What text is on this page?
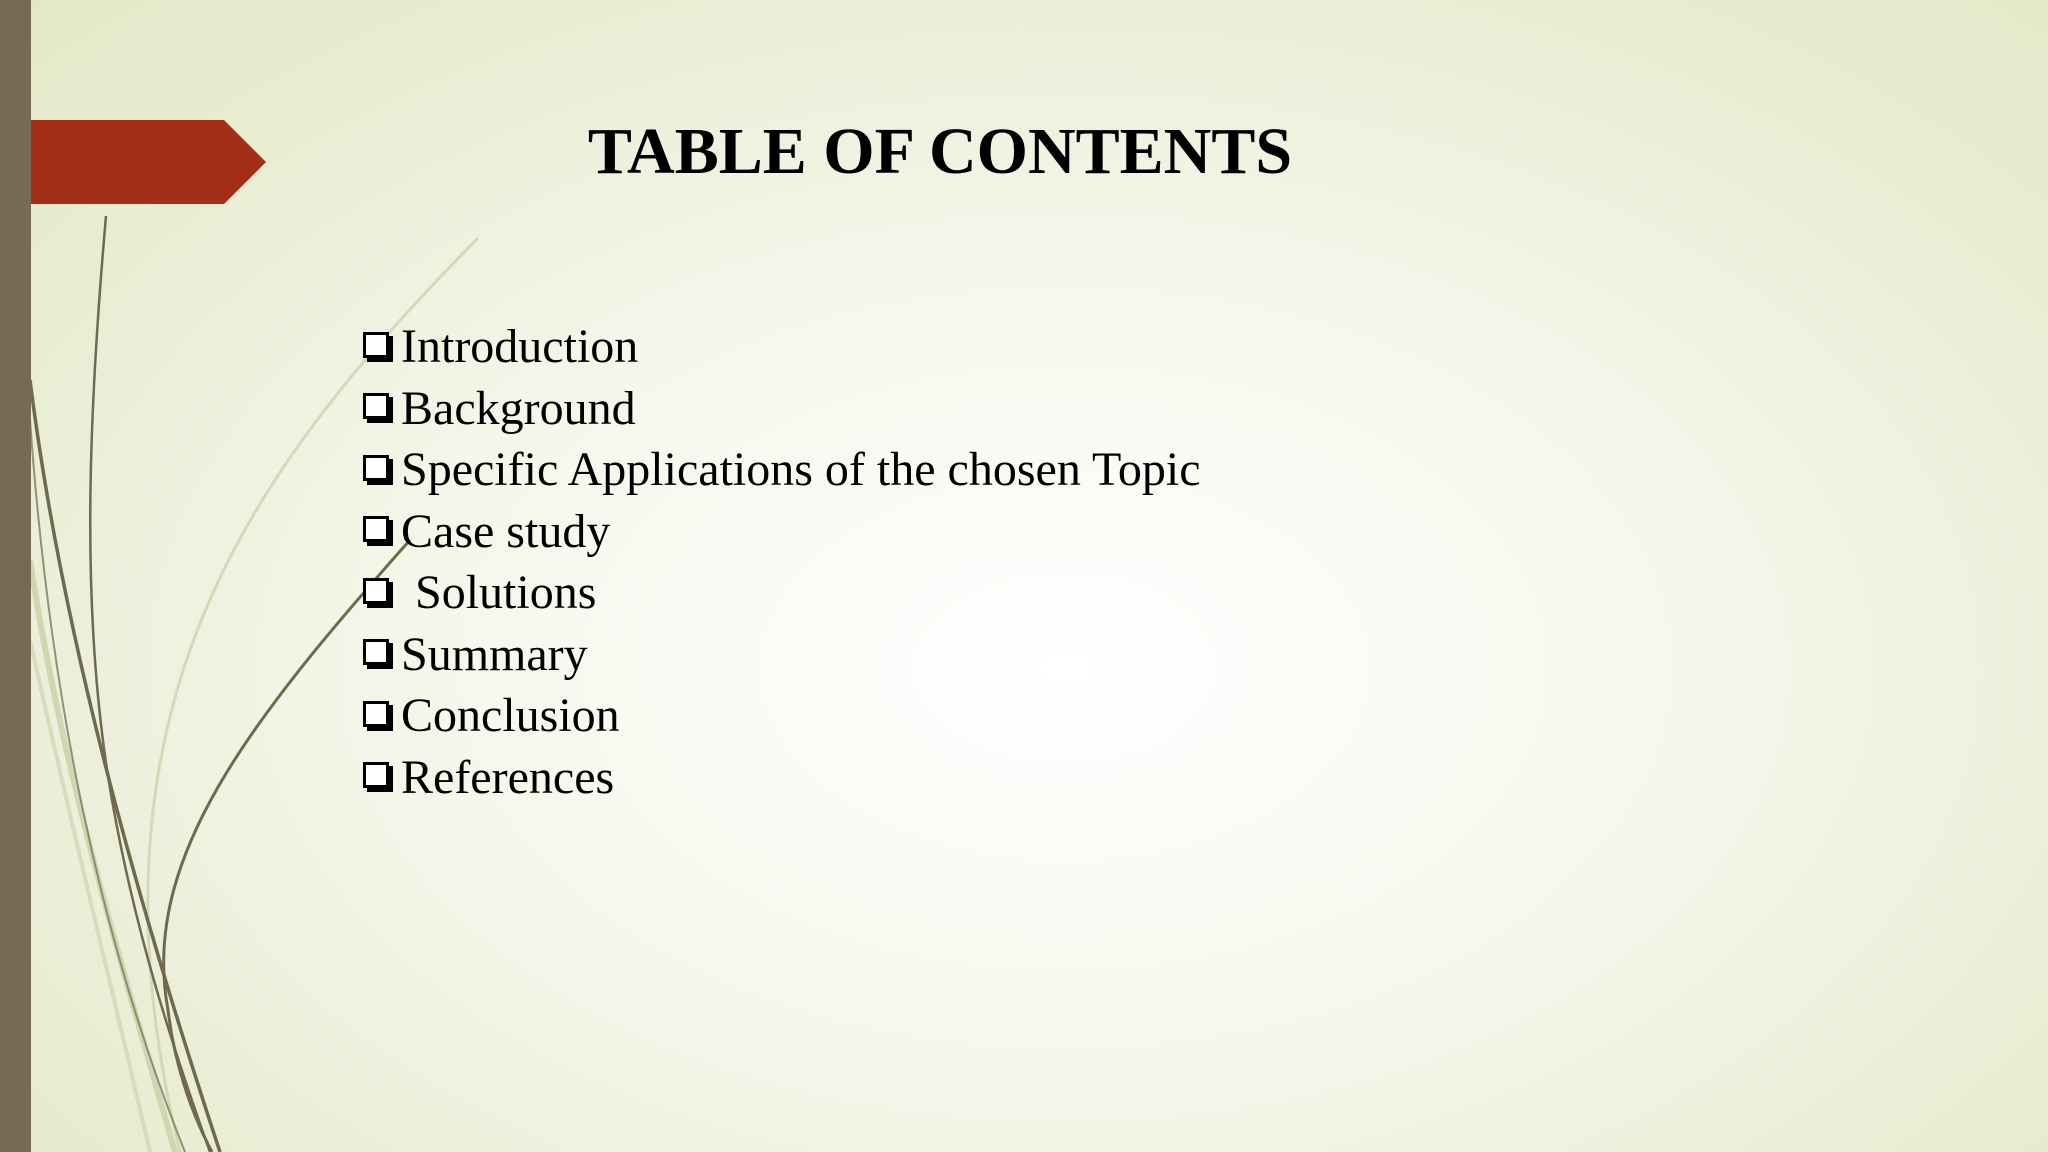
TABLE OF CONTENTS
Introduction
Background
Specific Applications of the chosen Topic
Case study
Solutions
Summary
Conclusion
References
